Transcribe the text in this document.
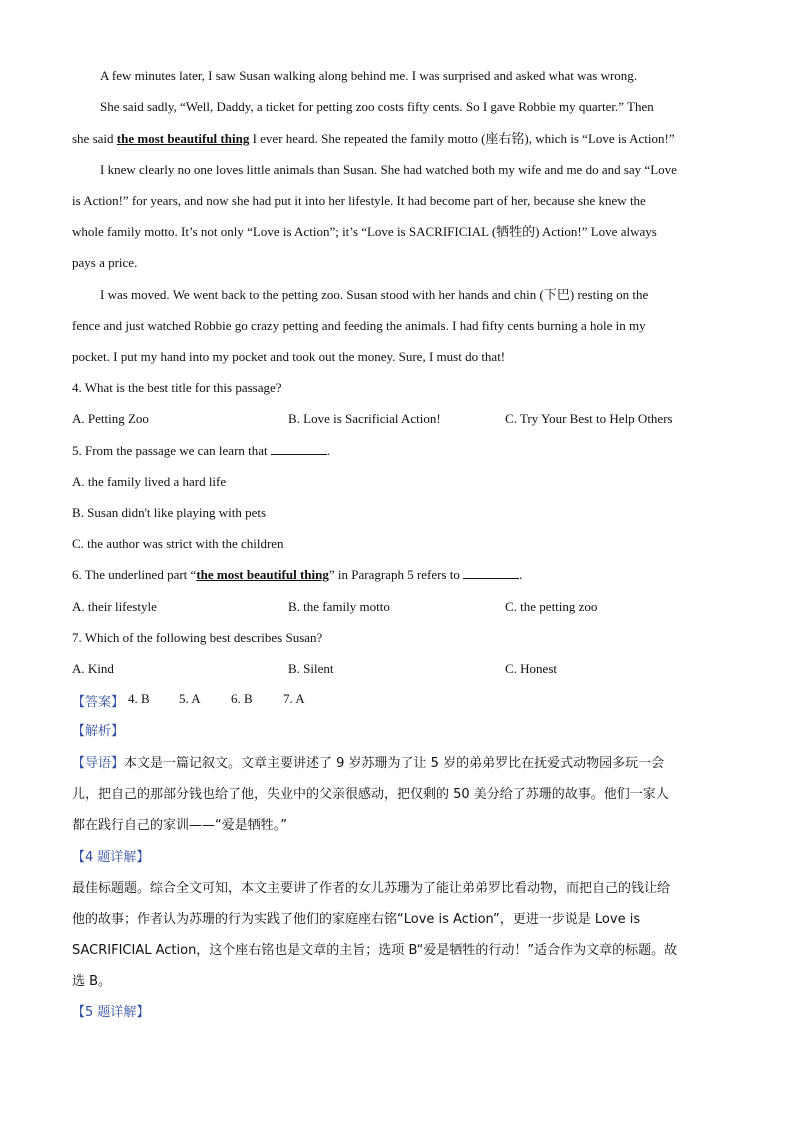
A few minutes later, I saw Susan walking along behind me. I was surprised and asked what was wrong.
She said sadly, “Well, Daddy, a ticket for petting zoo costs fifty cents. So I gave Robbie my quarter.” Then
she said the most beautiful thing I ever heard. She repeated the family motto (座右铭), which is “Love is Action!”
I knew clearly no one loves little animals than Susan. She had watched both my wife and me do and say “Love
is Action!” for years, and now she had put it into her lifestyle. It had become part of her, because she knew the
whole family motto. It’s not only “Love is Action”; it’s “Love is SACRIFICIAL (牺牲的) Action!” Love always
pays a price.
I was moved. We went back to the petting zoo. Susan stood with her hands and chin (下巴) resting on the
fence and just watched Robbie go crazy petting and feeding the animals. I had fifty cents burning a hole in my
pocket. I put my hand into my pocket and took out the money. Sure, I must do that!
4. What is the best title for this passage?
A. Petting Zoo	B. Love is Sacrificial Action!	C. Try Your Best to Help Others
5. From the passage we can learn that	.
A. the family lived a hard life
B. Susan didn't like playing with pets
C. the author was strict with the children
6. The underlined part “the most beautiful thing” in Paragraph 5 refers to	.
A. their lifestyle	B. the family motto	C. the petting zoo
7. Which of the following best describes Susan?
A. Kind	B. Silent	C. Honest
【答案】 4. B 5. A 6. B 7. A
【解析】
【导语】本文是一篇记叙文。文章主要讲述了 9 岁苏珊为了让 5 岁的弟弟罗比在抚爱式动物园多玩一会
儿，把自己的那部分钱也给了他，失业中的父亲很感动，把仅剩的 50 美分给了苏珊的故事。他们一家人
都在践行自己的家训——“爱是牺牲。”
【4 题详解】
最佳标题题。综合全文可知，本文主要讲了作者的女儿苏珊为了能让弟弟罗比看动物，而把自己的钱让给
他的故事；作者认为苏珊的行为实践了他们的家庭座右铭“Love is Action”，更进一步说是 Love is
SACRIFICIAL Action，这个座右铭也是文章的主旨；选项 B“爱是牺牲的行动！”适合作为文章的标题。故
选 B。
【5 题详解】
